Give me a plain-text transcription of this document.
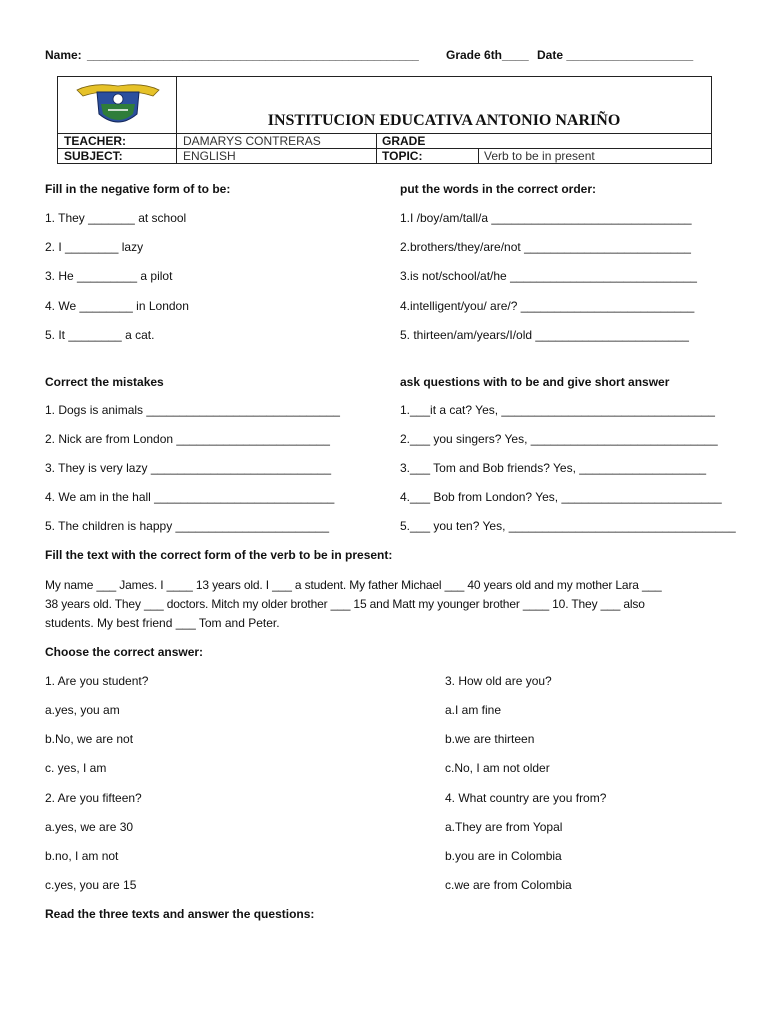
Name: ____________________________________________________ Grade 6th____ Date ___________________
INSTITUCION EDUCATIVA ANTONIO NARIÑO
TEACHER:	DAMARYS CONTRERAS	GRADE
SUBJECT:	ENGLISH	TOPIC:	Verb to be in present
Fill in the negative form of to be:
1. They _______ at school
2. I ________ lazy
3. He _________ a pilot
4. We ________ in London
5. It ________ a cat.
put the words in the correct order:
1.I /boy/am/tall/a ______________________________
2.brothers/they/are/not _________________________
3.is not/school/at/he ____________________________
4.intelligent/you/ are/? __________________________
5. thirteen/am/years/I/old _______________________
Correct the mistakes
1. Dogs is animals _____________________________
2. Nick are from London _______________________
3. They is very lazy ___________________________
4. We am in the hall ___________________________
5. The children is happy _______________________
ask questions with to be and give short answer
1.___it a cat? Yes, ________________________________
2.___ you singers? Yes, ____________________________
3.___ Tom and Bob friends? Yes, ___________________
4.___ Bob from London? Yes, ________________________
5.___ you ten? Yes, __________________________________
Fill the text with the correct form of the verb to be in present:
My name ___ James. I ____ 13 years old. I ___ a student. My father Michael ___ 40 years old and my mother Lara ___
38 years old. They ___ doctors. Mitch my older brother ___ 15 and Matt my younger brother ____ 10. They ___ also
students. My best friend ___ Tom and Peter.
Choose the correct answer:
1. Are you student?
a.yes, you am
b.No, we are not
c. yes, I am
2. Are you fifteen?
a.yes, we are 30
b.no, I am not
c.yes, you are 15
3. How old are you?
a.I am fine
b.we are thirteen
c.No, I am not older
4. What country are you from?
a.They are from Yopal
b.you are in Colombia
c.we are from Colombia
Read the three texts and answer the questions:
